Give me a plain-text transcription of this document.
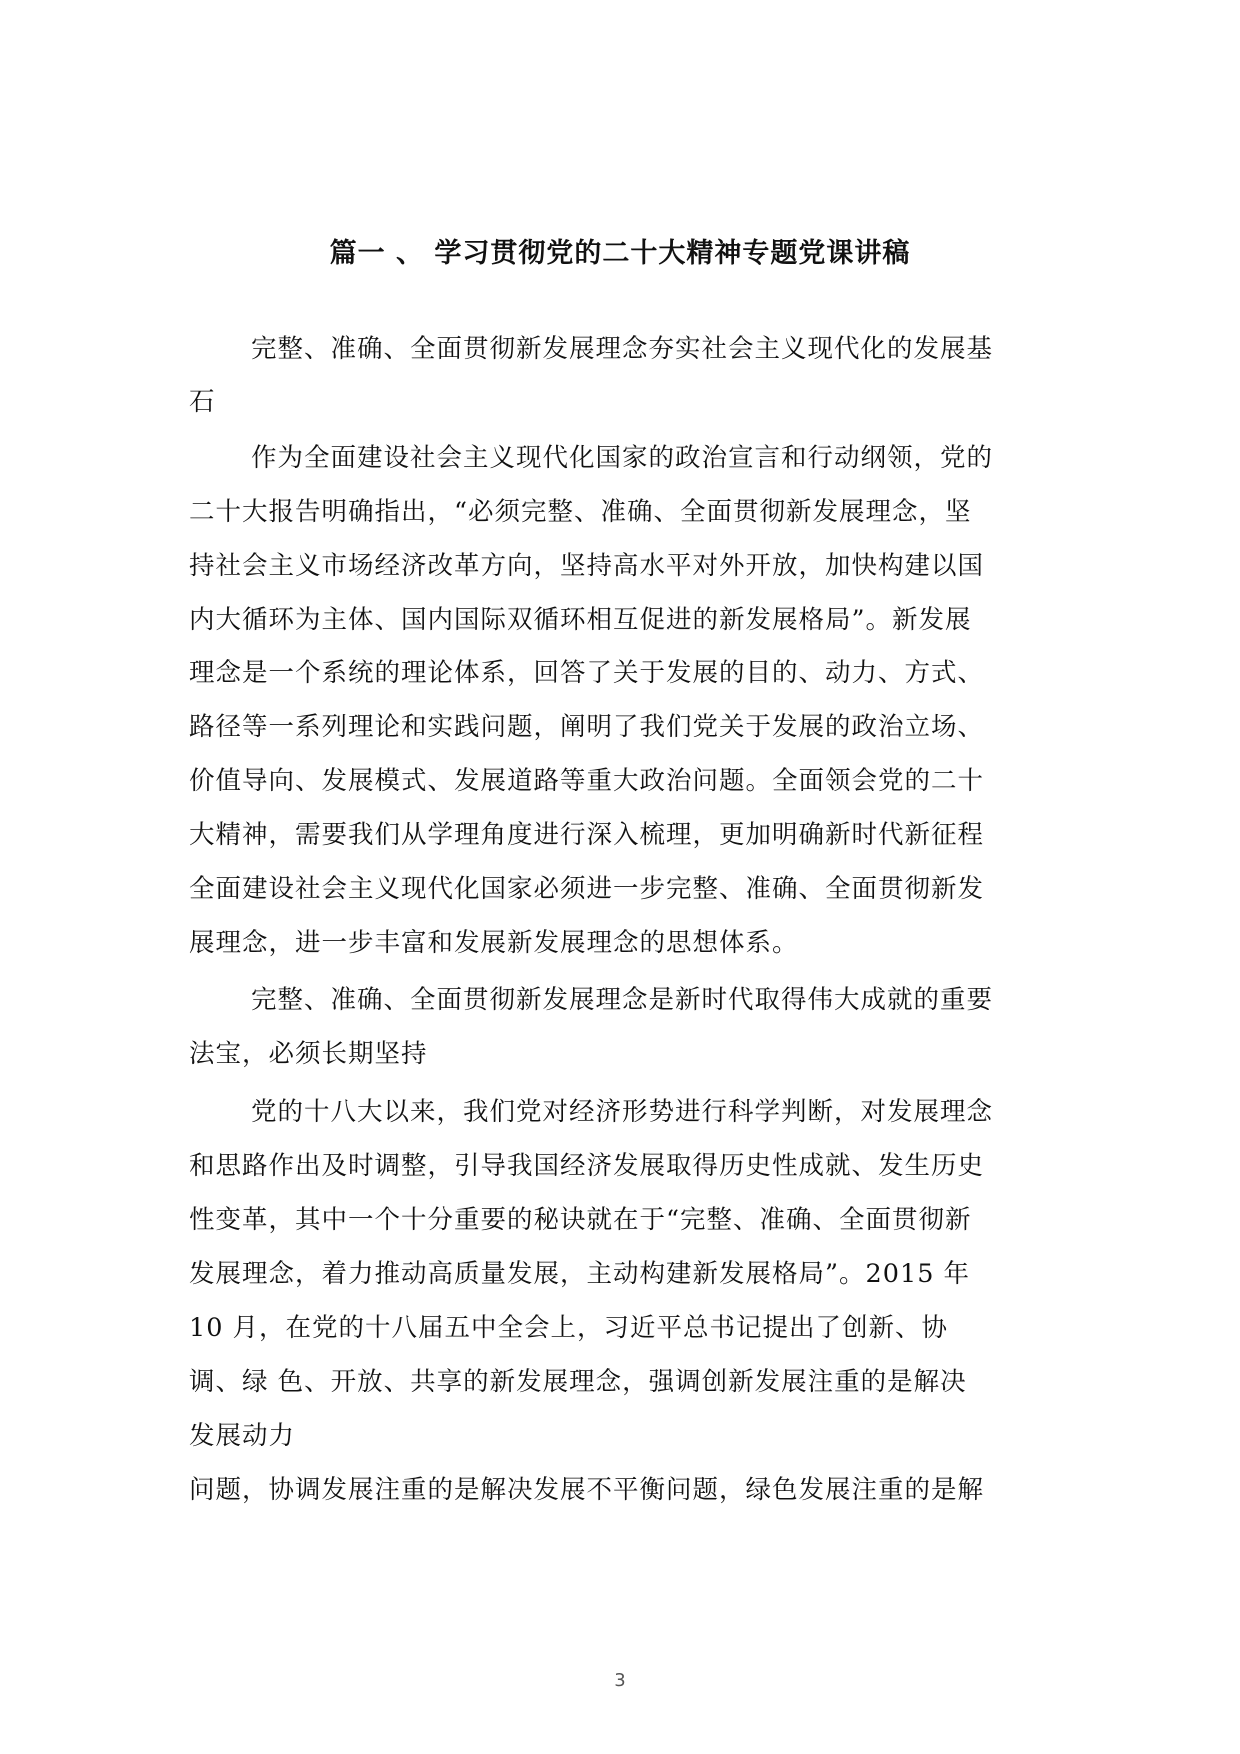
篇一 、 学习贯彻党的二十大精神专题党课讲稿
完整、准确、全面贯彻新发展理念夯实社会主义现代化的发展基
石
作为全面建设社会主义现代化国家的政治宣言和行动纲领，党的
二十大报告明确指出，“必须完整、准确、全面贯彻新发展理念，坚
持社会主义市场经济改革方向，坚持高水平对外开放，加快构建以国
内大循环为主体、国内国际双循环相互促进的新发展格局”。新发展
理念是一个系统的理论体系，回答了关于发展的目的、动力、方式、
路径等一系列理论和实践问题，阐明了我们党关于发展的政治立场、
价值导向、发展模式、发展道路等重大政治问题。全面领会党的二十
大精神，需要我们从学理角度进行深入梳理，更加明确新时代新征程
全面建设社会主义现代化国家必须进一步完整、准确、全面贯彻新发
展理念，进一步丰富和发展新发展理念的思想体系。
完整、准确、全面贯彻新发展理念是新时代取得伟大成就的重要
法宝，必须长期坚持
党的十八大以来，我们党对经济形势进行科学判断，对发展理念
和思路作出及时调整，引导我国经济发展取得历史性成就、发生历史
性变革，其中一个十分重要的秘诀就在于“完整、准确、全面贯彻新
发展理念，着力推动高质量发展，主动构建新发展格局”。2015 年
10 月，在党的十八届五中全会上，习近平总书记提出了创新、协
调、绿 色、开放、共享的新发展理念，强调创新发展注重的是解决
发展动力
问题，协调发展注重的是解决发展不平衡问题，绿色发展注重的是解
3
